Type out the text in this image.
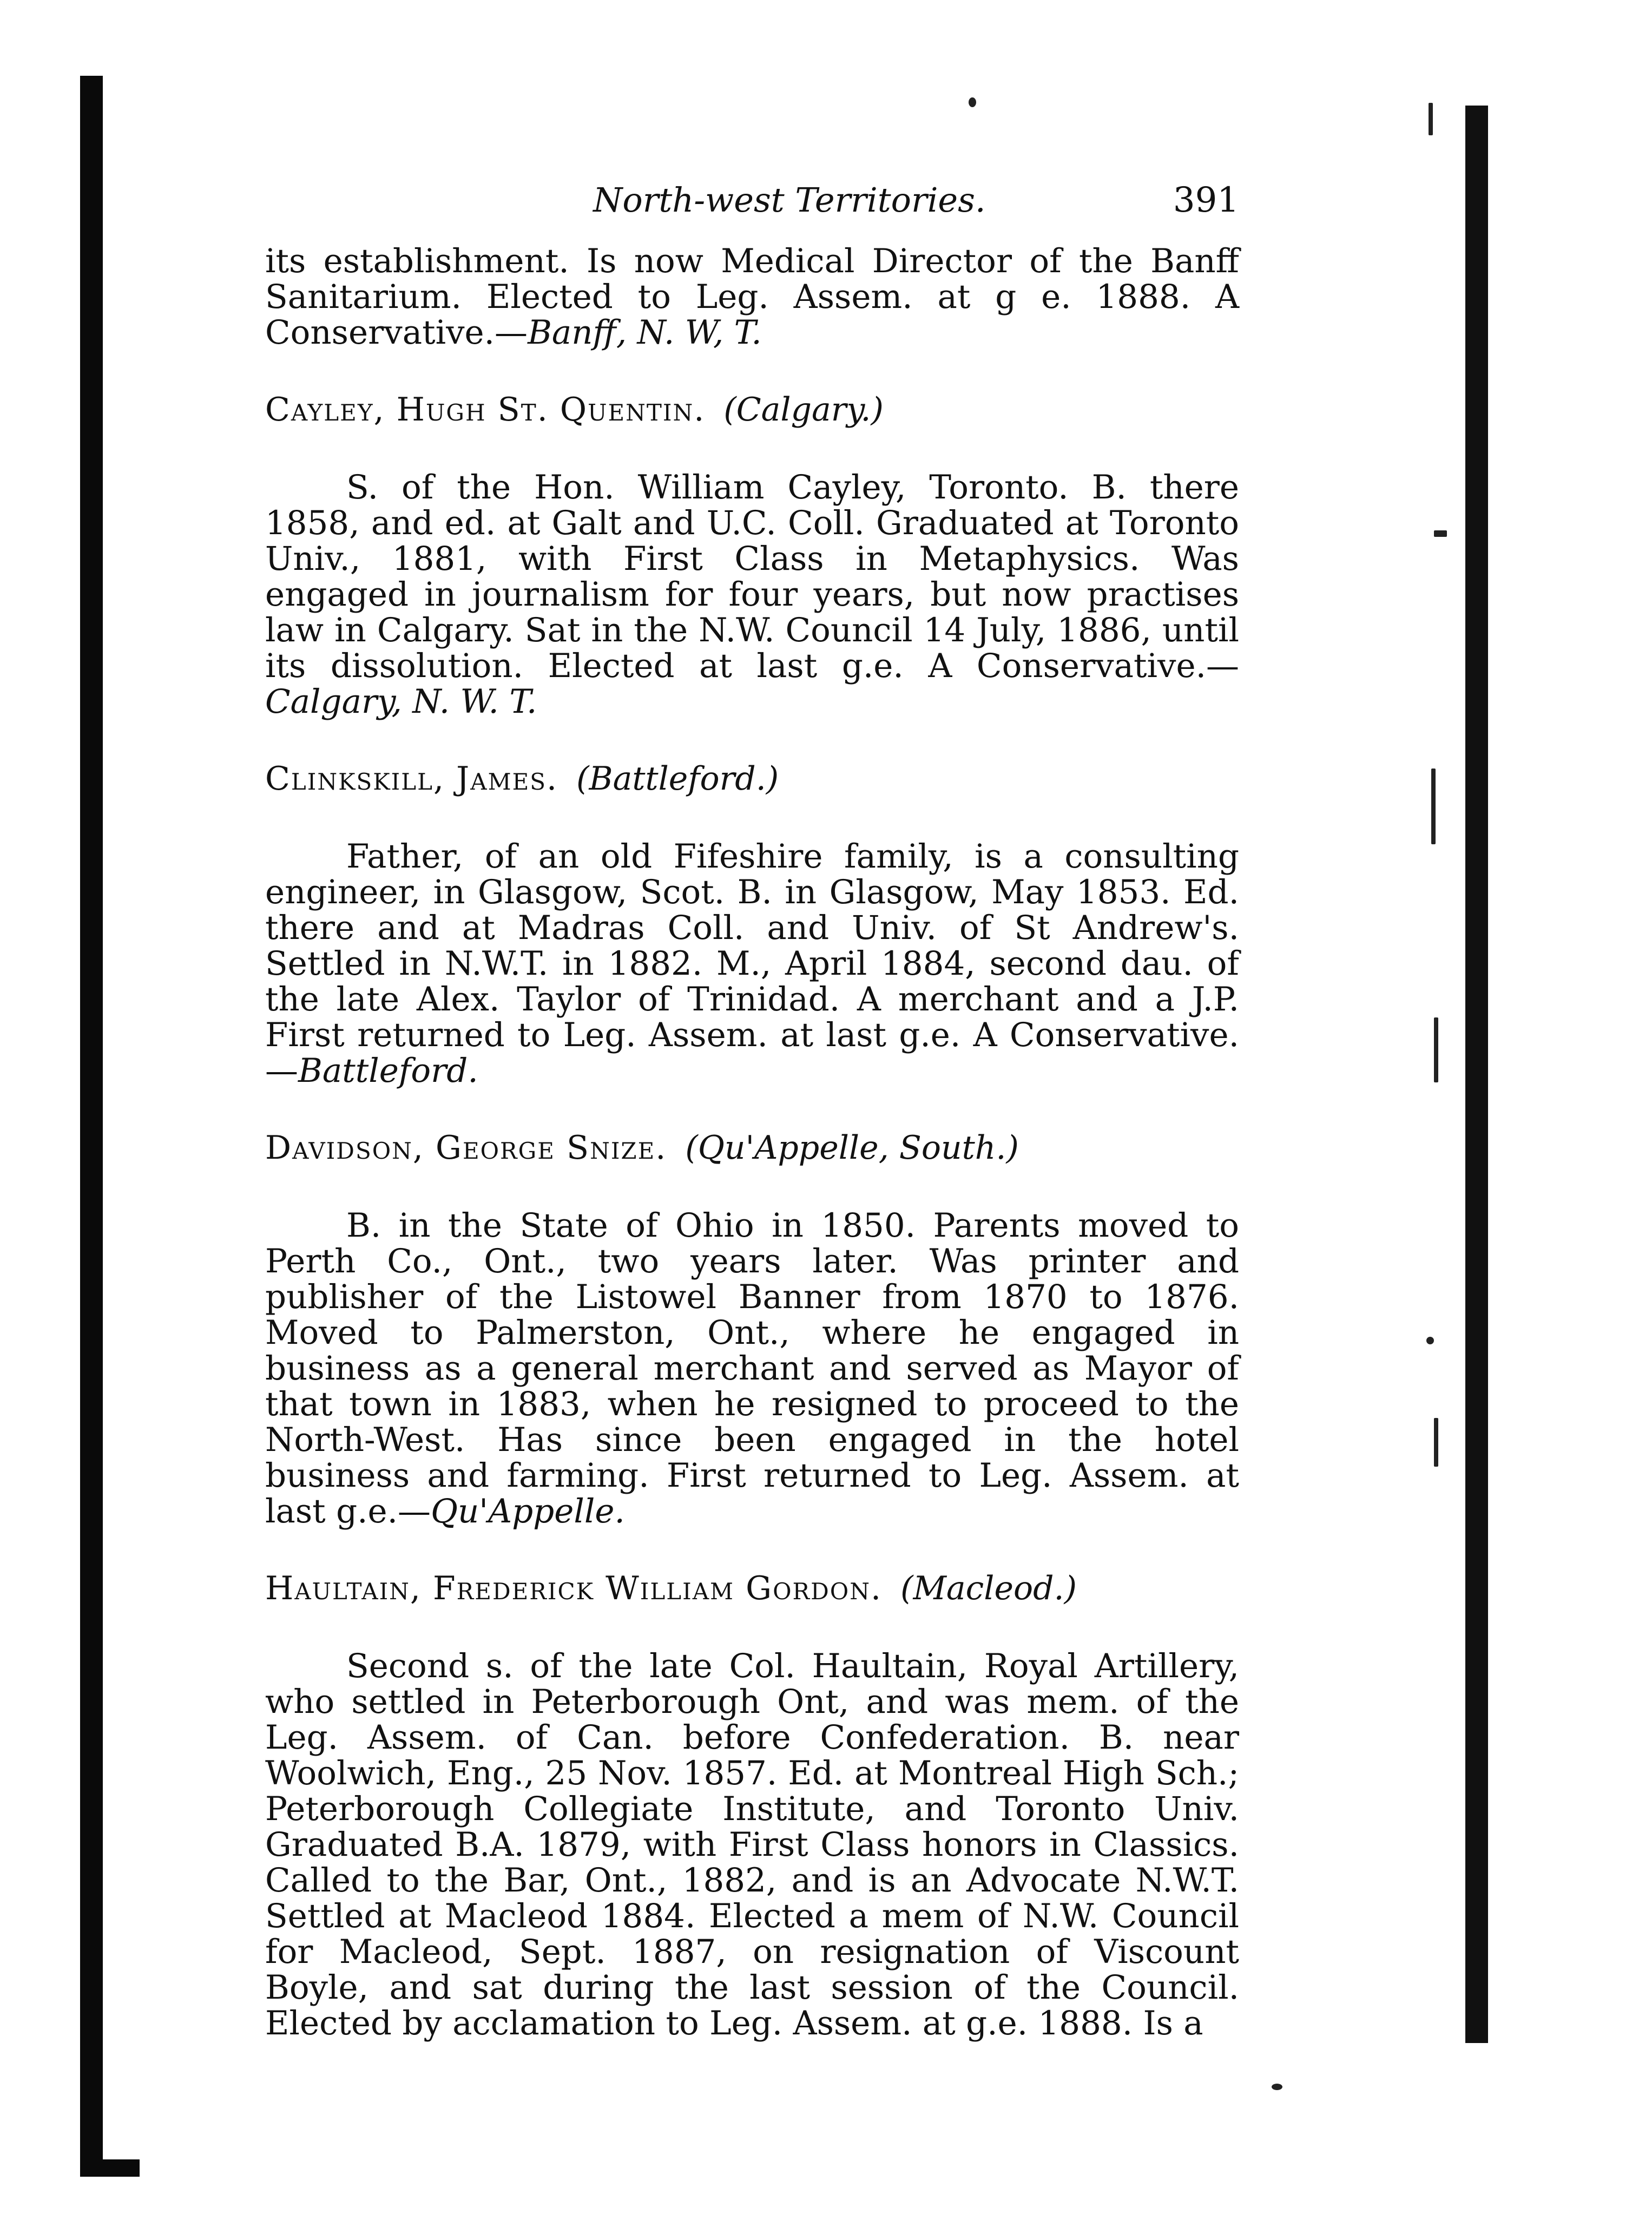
North-west Territories.	391

its establishment. Is now Medical Director of the Banff Sanitarium. Elected to Leg. Assem. at g e. 1888. A Conservative.—Banff, N. W, T.

Cayley, Hugh St. Quentin. (Calgary.)

S. of the Hon. William Cayley, Toronto. B. there 1858, and ed. at Galt and U.C. Coll. Graduated at Toronto Univ., 1881, with First Class in Metaphysics. Was engaged in journalism for four years, but now practises law in Calgary. Sat in the N.W. Council 14 July, 1886, until its dissolution. Elected at last g.e. A Conservative.—Calgary, N. W. T.

Clinkskill, James. (Battleford.)

Father, of an old Fifeshire family, is a consulting engineer, in Glasgow, Scot. B. in Glasgow, May 1853. Ed. there and at Madras Coll. and Univ. of St Andrew's. Settled in N.W.T. in 1882. M., April 1884, second dau. of the late Alex. Taylor of Trinidad. A merchant and a J.P. First returned to Leg. Assem. at last g.e. A Conservative.—Battleford.

Davidson, George Snize. (Qu'Appelle, South.)

B. in the State of Ohio in 1850. Parents moved to Perth Co., Ont., two years later. Was printer and publisher of the Listowel Banner from 1870 to 1876. Moved to Palmerston, Ont., where he engaged in business as a general merchant and served as Mayor of that town in 1883, when he resigned to proceed to the North-West. Has since been engaged in the hotel business and farming. First returned to Leg. Assem. at last g.e.—Qu'Appelle.

Haultain, Frederick William Gordon. (Macleod.)

Second s. of the late Col. Haultain, Royal Artillery, who settled in Peterborough Ont, and was mem. of the Leg. Assem. of Can. before Confederation. B. near Woolwich, Eng., 25 Nov. 1857. Ed. at Montreal High Sch.; Peterborough Collegiate Institute, and Toronto Univ. Graduated B.A. 1879, with First Class honors in Classics. Called to the Bar, Ont., 1882, and is an Advocate N.W.T. Settled at Macleod 1884. Elected a mem of N.W. Council for Macleod, Sept. 1887, on resignation of Viscount Boyle, and sat during the last session of the Council. Elected by acclamation to Leg. Assem. at g.e. 1888. Is a
